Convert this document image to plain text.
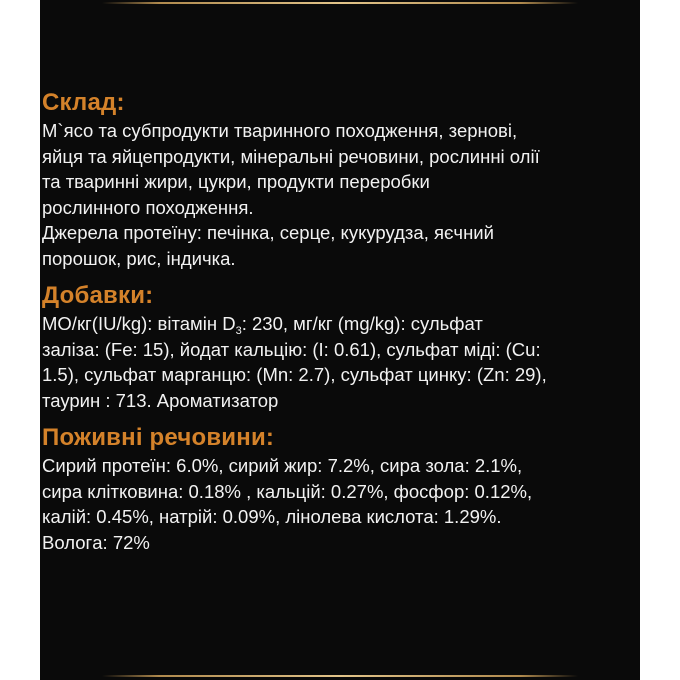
Склад:
М`ясо та субпродукти тваринного походження, зернові,
яйця та яйцепродукти, мінеральні речовини, рослинні олії
та тваринні жири, цукри, продукти переробки
рослинного походження.
Джерела протеїну: печінка, серце, кукурудза, яєчний
порошок, рис, індичка.
Добавки:
МО/кг(IU/kg): вітамін $D_3$: 230, мг/кг (mg/kg): сульфат
заліза: (Fe: 15), йодат кальцію: (I: 0.61), сульфат міді: (Cu:
1.5), сульфат марганцю: (Mn: 2.7), сульфат цинку: (Zn: 29),
таурин : 713. Ароматизатор
Поживні речовини:
Сирий протеїн: 6.0%, сирий жир: 7.2%, сира зола: 2.1%,
сира клітковина: 0.18% , кальцій: 0.27%, фосфор: 0.12%,
калій: 0.45%, натрій: 0.09%, лінолева кислота: 1.29%.
Вологa: 72%
